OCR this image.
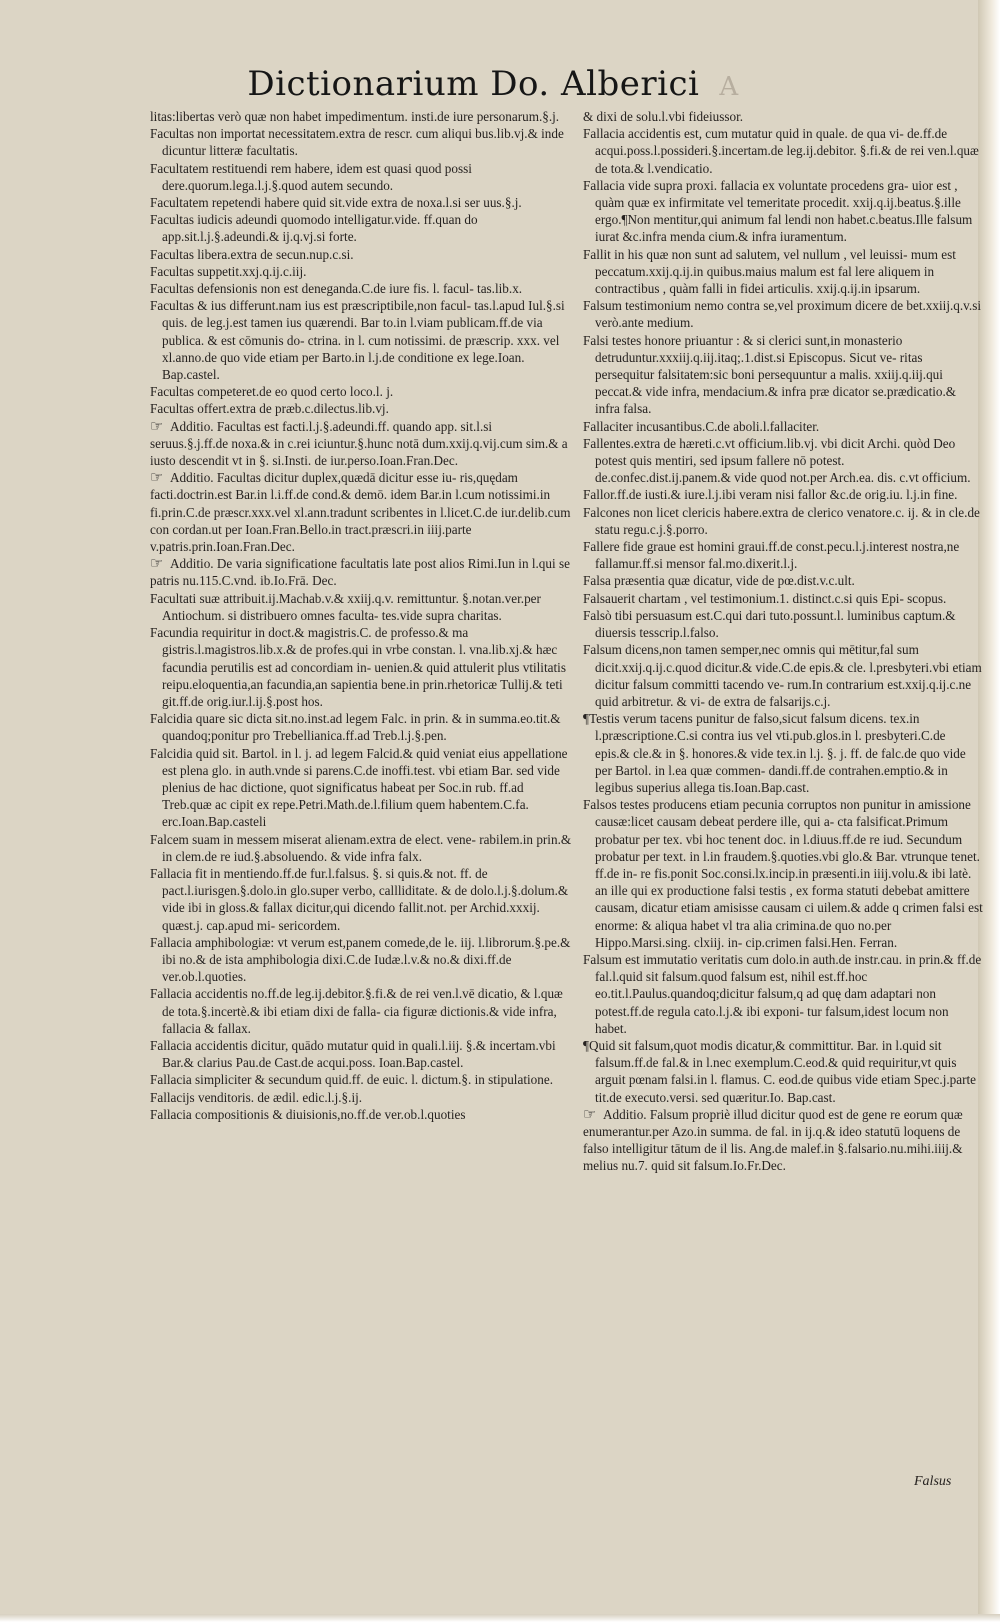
Dictionarium Do. Alberici A

litas:libertas verò quæ non habet impedimentum. insti.de iure personarum.§.j.

Facultas non importat necessitatem.extra de rescr. cum aliqui bus.lib.vj.& inde dicuntur litteræ facultatis.

Facultatem restituendi rem habere, idem est quasi quod possi dere.quorum.lega.l.j.§.quod autem secundo.

Facultatem repetendi habere quid sit.vide extra de noxa.l.si ser uus.§.j.

Facultas iudicis adeundi quomodo intelligatur.vide. ff.quan do app.sit.l.j.§.adeundi.& ij.q.vj.si forte.

Facultas libera.extra de secun.nup.c.si.

Facultas suppetit.xxj.q.ij.c.iij.

Facultas defensionis non est deneganda.C.de iure fis. l. facul- tas.lib.x.

Facultas & ius differunt.nam ius est præscriptibile,non facul- tas.l.apud Iul.§.si quis. de leg.j.est tamen ius quærendi. Bar to.in l.viam publicam.ff.de via publica. & est cōmunis do- ctrina. in l. cum notissimi. de præscrip. xxx. vel xl.anno.de quo vide etiam per Barto.in l.j.de conditione ex lege.Ioan. Bap.castel.

Facultas competeret.de eo quod certo loco.l. j.

Facultas offert.extra de præb.c.dilectus.lib.vj.

☞ Additio. Facultas est facti.l.j.§.adeundi.ff. quando app. sit.l.si seruus.§.j.ff.de noxa.& in c.rei iciuntur.§.hunc notā dum.xxij.q.vij.cum sim.& a iusto descendit vt in §. si.Insti. de iur.perso.Ioan.Fran.Dec.

☞ Additio. Facultas dicitur duplex,quædā dicitur esse iu- ris,quędam facti.doctrin.est Bar.in l.i.ff.de cond.& demō. idem Bar.in l.cum notissimi.in fi.prin.C.de præscr.xxx.vel xl.ann.tradunt scribentes in l.licet.C.de iur.delib.cum con cordan.ut per Ioan.Fran.Bello.in tract.præscri.in iiij.parte v.patris.prin.Ioan.Fran.Dec.

☞ Additio. De varia significatione facultatis late post alios Rimi.Iun in l.qui se patris nu.115.C.vnd. ib.Io.Frā. Dec.

Facultati suæ attribuit.ij.Machab.v.& xxiij.q.v. remittuntur. §.notan.ver.per Antiochum. si distribuero omnes faculta- tes.vide supra charitas.

Facundia requiritur in doct.& magistris.C. de professo.& ma gistris.l.magistros.lib.x.& de profes.qui in vrbe constan. l. vna.lib.xj.& hæc facundia perutilis est ad concordiam in- uenien.& quid attulerit plus vtilitatis reipu.eloquentia,an facundia,an sapientia bene.in prin.rhetoricæ Tullij.& teti git.ff.de orig.iur.l.ij.§.post hos.

Falcidia quare sic dicta sit.no.inst.ad legem Falc. in prin. & in summa.eo.tit.& quandoq;ponitur pro Trebellianica.ff.ad Treb.l.j.§.pen.

Falcidia quid sit. Bartol. in l. j. ad legem Falcid.& quid veniat eius appellatione est plena glo. in auth.vnde si parens.C.de inoffi.test. vbi etiam Bar. sed vide plenius de hac dictione, quot significatus habeat per Soc.in rub. ff.ad Treb.quæ ac cipit ex repe.Petri.Math.de.l.filium quem habentem.C.fa. erc.Ioan.Bap.casteli

Falcem suam in messem miserat alienam.extra de elect. vene- rabilem.in prin.& in clem.de re iud.§.absoluendo. & vide infra falx.

Fallacia fit in mentiendo.ff.de fur.l.falsus. §. si quis.& not. ff. de pact.l.iurisgen.§.dolo.in glo.super verbo, callliditate. & de dolo.l.j.§.dolum.& vide ibi in gloss.& fallax dicitur,qui dicendo fallit.not. per Archid.xxxij. quæst.j. cap.apud mi- sericordem.

Fallacia amphibologiæ: vt verum est,panem comede,de le. iij. l.librorum.§.pe.& ibi no.& de ista amphibologia dixi.C.de Iudæ.l.v.& no.& dixi.ff.de ver.ob.l.quoties.

Fallacia accidentis no.ff.de leg.ij.debitor.§.fi.& de rei ven.l.vē dicatio, & l.quæ de tota.§.incertè.& ibi etiam dixi de falla- cia figuræ dictionis.& vide infra, fallacia & fallax.

Fallacia accidentis dicitur, quādo mutatur quid in quali.l.iij. §.& incertam.vbi Bar.& clarius Pau.de Cast.de acqui.poss. Ioan.Bap.castel.

Fallacia simpliciter & secundum quid.ff. de euic. l. dictum.§. in stipulatione.

Fallacijs venditoris. de ædil. edic.l.j.§.ij.

Fallacia compositionis & diuisionis,no.ff.de ver.ob.l.quoties

& dixi de solu.l.vbi fideiussor.

Fallacia accidentis est, cum mutatur quid in quale. de qua vi- de.ff.de acqui.poss.l.possideri.§.incertam.de leg.ij.debitor. §.fi.& de rei ven.l.quæ de tota.& l.vendicatio.

Fallacia vide supra proxi. fallacia ex voluntate procedens gra- uior est , quàm quæ ex infirmitate vel temeritate procedit. xxij.q.ij.beatus.§.ille ergo.¶Non mentitur,qui animum fal lendi non habet.c.beatus.Ille falsum iurat &c.infra menda cium.& infra iuramentum.

Fallit in his quæ non sunt ad salutem, vel nullum , vel leuissi- mum est peccatum.xxij.q.ij.in quibus.maius malum est fal lere aliquem in contractibus , quàm falli in fidei articulis. xxij.q.ij.in ipsarum.

Falsum testimonium nemo contra se,vel proximum dicere de bet.xxiij.q.v.si verò.ante medium.

Falsi testes honore priuantur : & si clerici sunt,in monasterio detruduntur.xxxiij.q.iij.itaq;.1.dist.si Episcopus. Sicut ve- ritas persequitur falsitatem:sic boni persequuntur a malis. xxiij.q.iij.qui peccat.& vide infra, mendacium.& infra præ dicator se.prædicatio.& infra falsa.

Fallaciter incusantibus.C.de aboli.l.fallaciter.

Fallentes.extra de hæreti.c.vt officium.lib.vj. vbi dicit Archi. quòd Deo potest quis mentiri, sed ipsum fallere nō potest. de.confec.dist.ij.panem.& vide quod not.per Arch.ea. dis. c.vt officium.

Fallor.ff.de iusti.& iure.l.j.ibi veram nisi fallor &c.de orig.iu. l.j.in fine.

Falcones non licet clericis habere.extra de clerico venatore.c. ij. & in cle.de statu regu.c.j.§.porro.

Fallere fide graue est homini graui.ff.de const.pecu.l.j.interest nostra,ne fallamur.ff.si mensor fal.mo.dixerit.l.j.

Falsa præsentia quæ dicatur, vide de pœ.dist.v.c.ult.

Falsauerit chartam , vel testimonium.1. distinct.c.si quis Epi- scopus.

Falsò tibi persuasum est.C.qui dari tuto.possunt.l. luminibus captum.& diuersis tesscrip.l.falso.

Falsum dicens,non tamen semper,nec omnis qui mētitur,fal sum dicit.xxij.q.ij.c.quod dicitur.& vide.C.de epis.& cle. l.presbyteri.vbi etiam dicitur falsum committi tacendo ve- rum.In contrarium est.xxij.q.ij.c.ne quid arbitretur. & vi- de extra de falsarijs.c.j.

¶Testis verum tacens punitur de falso,sicut falsum dicens. tex.in l.præscriptione.C.si contra ius vel vti.pub.glos.in l. presbyteri.C.de epis.& cle.& in §. honores.& vide tex.in l.j. §. j. ff. de falc.de quo vide per Bartol. in l.ea quæ commen- dandi.ff.de contrahen.emptio.& in legibus superius allega tis.Ioan.Bap.cast.

Falsos testes producens etiam pecunia corruptos non punitur in amissione causæ:licet causam debeat perdere ille, qui a- cta falsificat.Primum probatur per tex. vbi hoc tenent doc. in l.diuus.ff.de re iud. Secundum probatur per text. in l.in fraudem.§.quoties.vbi glo.& Bar. vtrunque tenet. ff.de in- re fis.ponit Soc.consi.lx.incip.in præsenti.in iiij.volu.& ibi latè. an ille qui ex productione falsi testis , ex forma statuti debebat amittere causam, dicatur etiam amisisse causam ci uilem.& adde q crimen falsi est enorme: & aliqua habet vl tra alia crimina.de quo no.per Hippo.Marsi.sing. clxiij. in- cip.crimen falsi.Hen. Ferran.

Falsum est immutatio veritatis cum dolo.in auth.de instr.cau. in prin.& ff.de fal.l.quid sit falsum.quod falsum est, nihil est.ff.hoc eo.tit.l.Paulus.quandoq;dicitur falsum,q ad quę dam adaptari non potest.ff.de regula cato.l.j.& ibi exponi- tur falsum,idest locum non habet.

¶Quid sit falsum,quot modis dicatur,& committitur. Bar. in l.quid sit falsum.ff.de fal.& in l.nec exemplum.C.eod.& quid requiritur,vt quis arguit pœnam falsi.in l. flamus. C. eod.de quibus vide etiam Spec.j.parte tit.de executo.versi. sed quæritur.Io. Bap.cast.

☞ Additio. Falsum propriè illud dicitur quod est de gene re eorum quæ enumerantur.per Azo.in summa. de fal. in ij.q.& ideo statutū loquens de falso intelligitur tātum de il lis. Ang.de malef.in §.falsario.nu.mihi.iiij.& melius nu.7. quid sit falsum.Io.Fr.Dec.

Falsus
